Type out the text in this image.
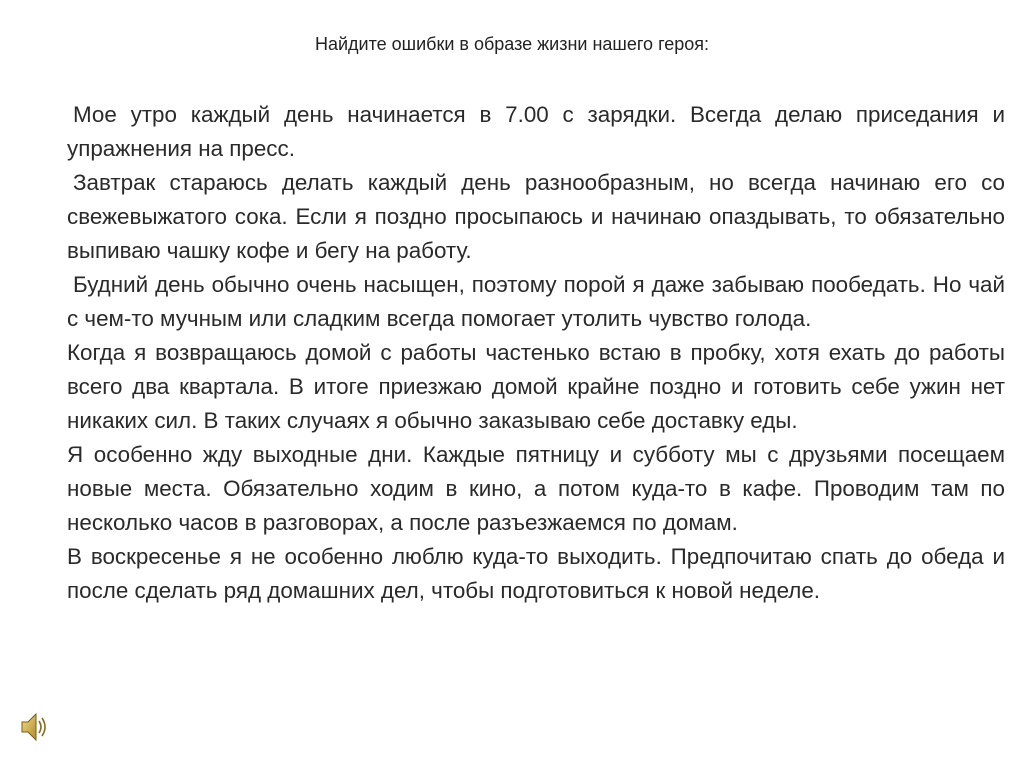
Найдите ошибки в образе жизни нашего героя:

Мое утро каждый день начинается в 7.00 с зарядки. Всегда делаю приседания и упражнения на пресс.

Завтрак стараюсь делать каждый день разнообразным, но всегда начинаю его со свежевыжатого сока. Если я поздно просыпаюсь и начинаю опаздывать, то обязательно выпиваю чашку кофе и бегу на работу.

Будний день обычно очень насыщен, поэтому порой я даже забываю пообедать. Но чай с чем-то мучным или сладким всегда помогает утолить чувство голода.

Когда я возвращаюсь домой с работы частенько встаю в пробку, хотя ехать до работы всего два квартала. В итоге приезжаю домой крайне поздно и готовить себе ужин нет никаких сил. В таких случаях я обычно заказываю себе доставку еды.

Я особенно жду выходные дни. Каждые пятницу и субботу мы с друзьями посещаем новые места. Обязательно ходим в кино, а потом куда-то в кафе. Проводим там по несколько часов в разговорах, а после разъезжаемся по домам.

В воскресенье я не особенно люблю куда-то выходить. Предпочитаю спать до обеда и после сделать ряд домашних дел, чтобы подготовиться к новой неделе.
